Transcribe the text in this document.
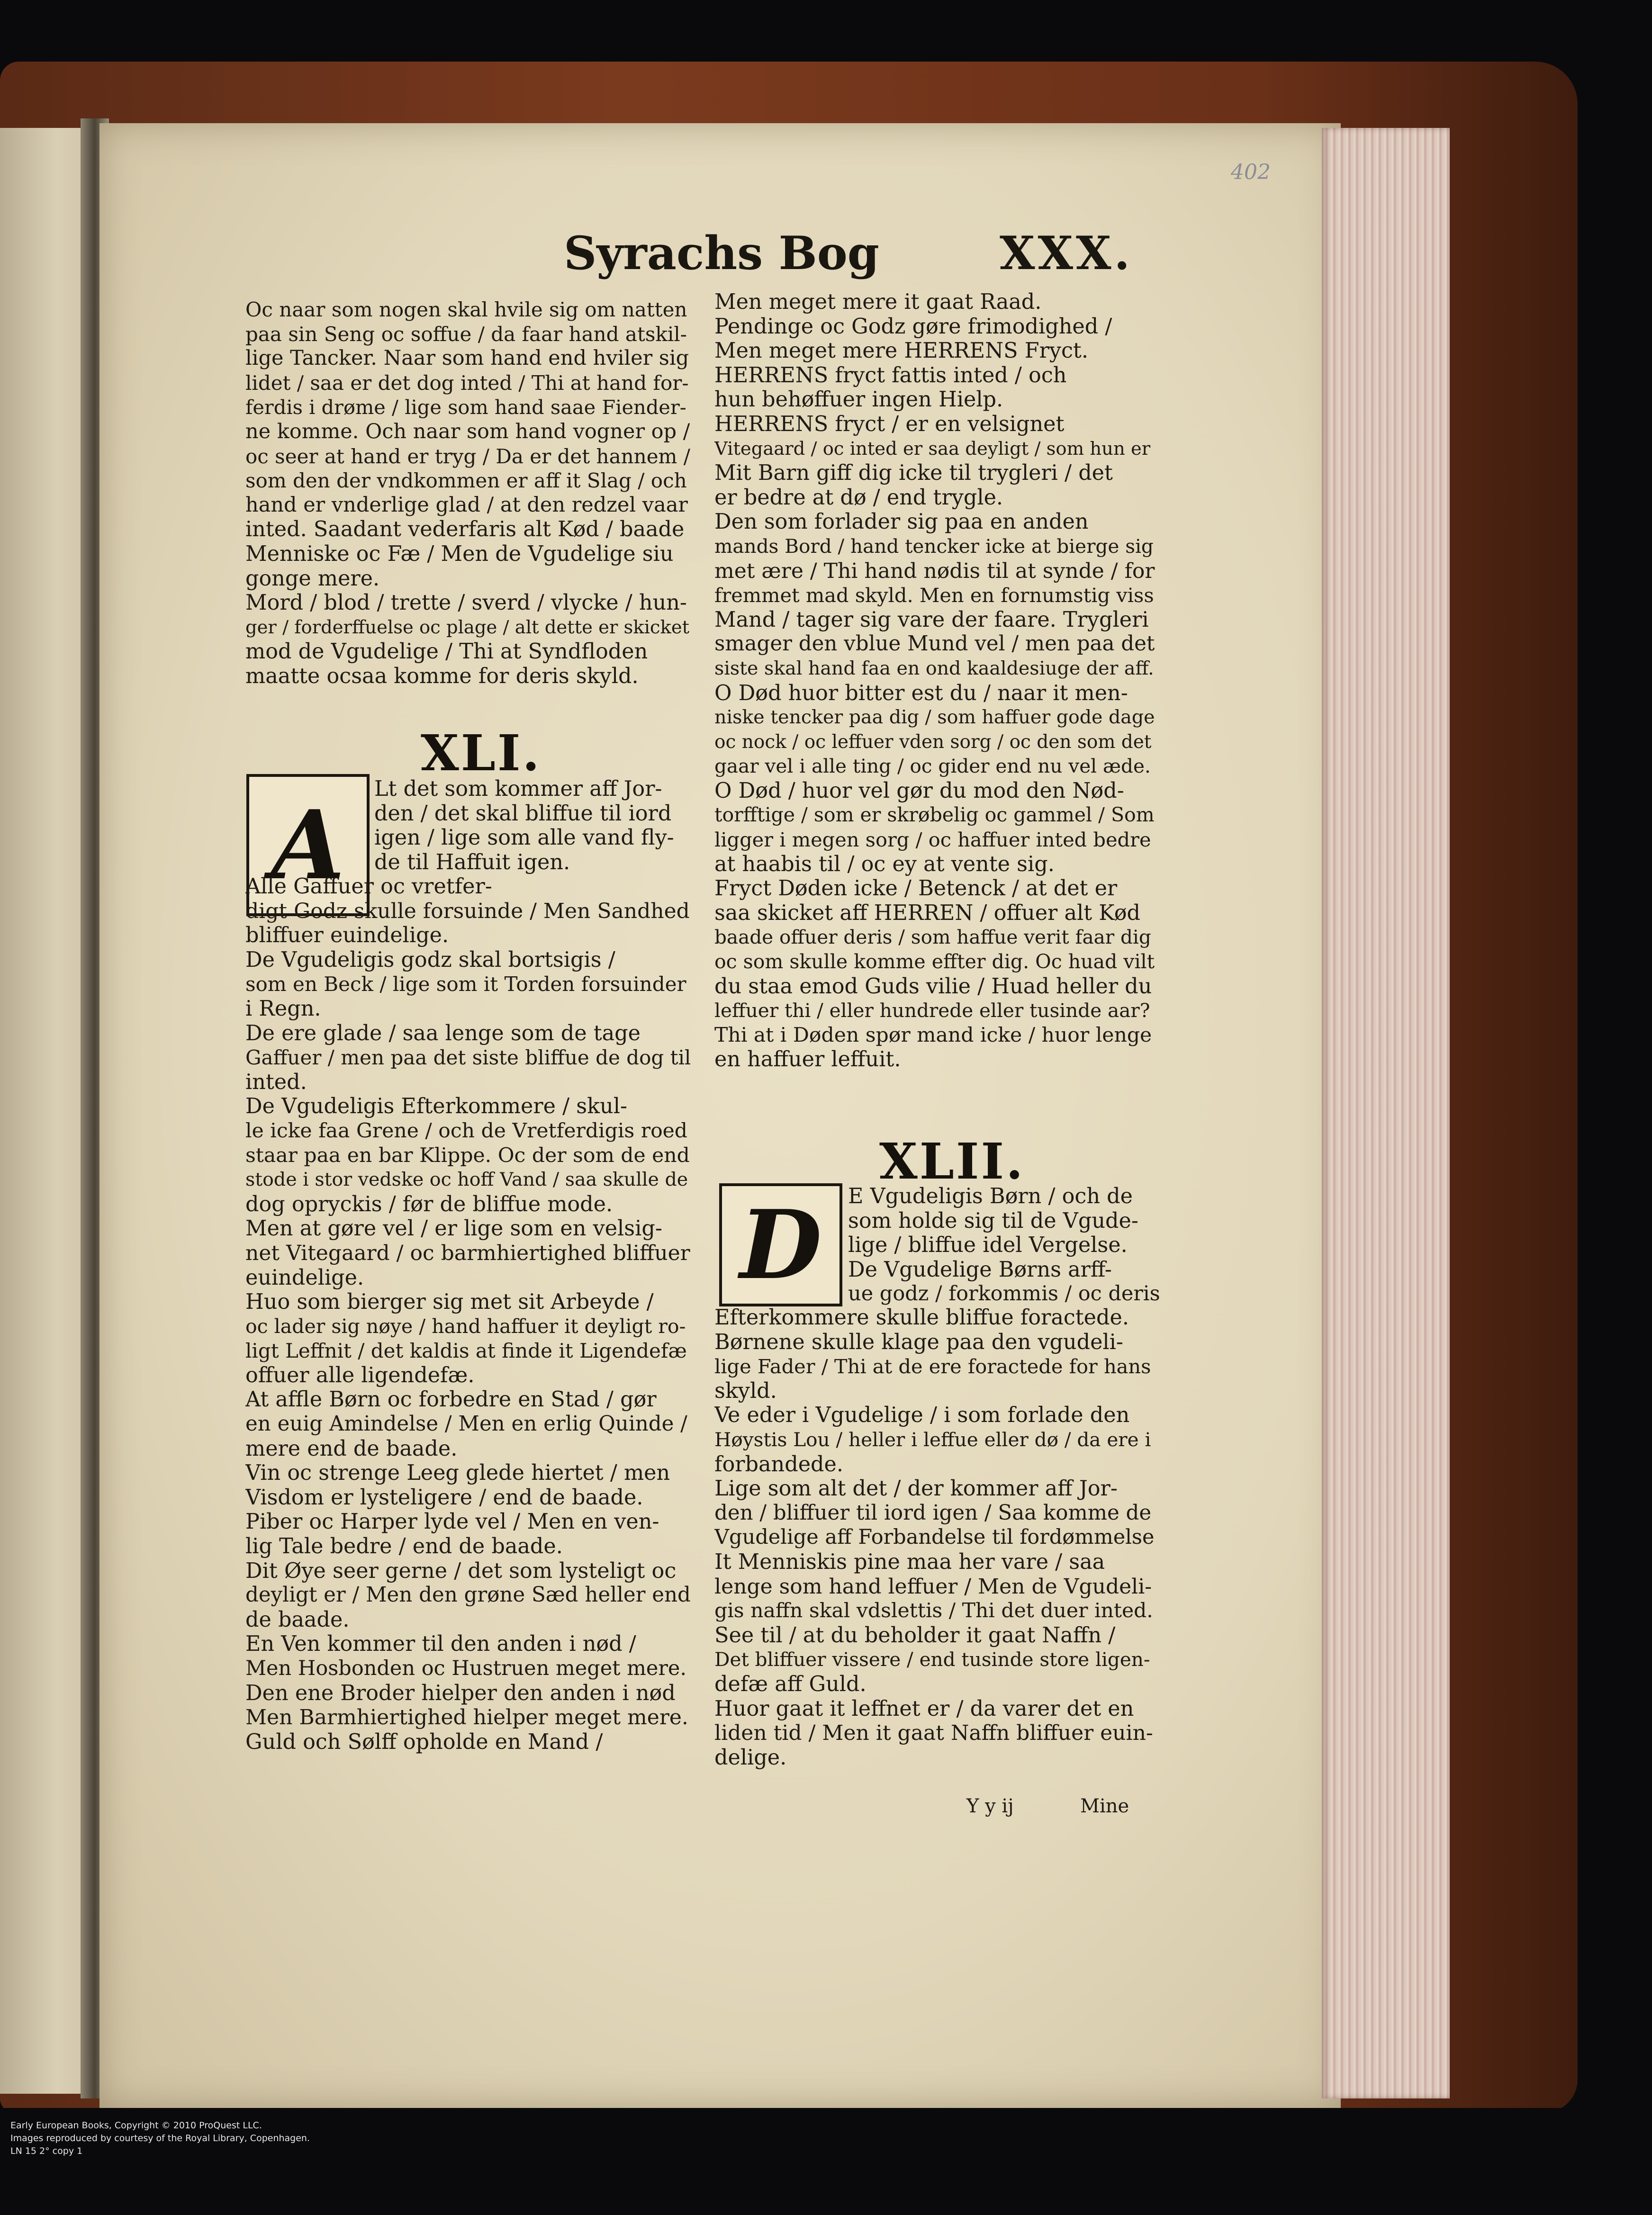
402
Syrachs Bog	XXX.
Oc naar som nogen skal hvile sig om natten
paa sin Seng oc soffue / da faar hand atskil-
lige Tancker. Naar som hand end hviler sig
lidet / saa er det dog inted / Thi at hand for-
ferdis i drøme / lige som hand saae Fiender-
ne komme. Och naar som hand vogner op /
oc seer at hand er tryg / Da er det hannem /
som den der vndkommen er aff it Slag / och
hand er vnderlige glad / at den redzel vaar
inted. Saadant vederfaris alt Kød / baade
Menniske oc Fæ / Men de Vgudelige siu
gonge mere.
Mord / blod / trette / sverd / vlycke / hun-
ger / forderffuelse oc plage / alt dette er skicket
mod de Vgudelige / Thi at Syndfloden
maatte ocsaa komme for deris skyld.
XLI.
A
Lt det som kommer aff Jor-
den / det skal bliffue til iord
igen / lige som alle vand fly-
de til Haffuit igen.
Alle Gaffuer oc vretfer-
digt Godz skulle forsuinde / Men Sandhed
bliffuer euindelige.
De Vgudeligis godz skal bortsigis /
som en Beck / lige som it Torden forsuinder
i Regn.
De ere glade / saa lenge som de tage
Gaffuer / men paa det siste bliffue de dog til
inted.
De Vgudeligis Efterkommere / skul-
le icke faa Grene / och de Vretferdigis roed
staar paa en bar Klippe. Oc der som de end
stode i stor vedske oc hoff Vand / saa skulle de
dog opryckis / før de bliffue mode.
Men at gøre vel / er lige som en velsig-
net Vitegaard / oc barmhiertighed bliffuer
euindelige.
Huo som bierger sig met sit Arbeyde /
oc lader sig nøye / hand haffuer it deyligt ro-
ligt Leffnit / det kaldis at finde it Ligendefæ
offuer alle ligendefæ.
At affle Børn oc forbedre en Stad / gør
en euig Amindelse / Men en erlig Quinde /
mere end de baade.
Vin oc strenge Leeg glede hiertet / men
Visdom er lysteligere / end de baade.
Piber oc Harper lyde vel / Men en ven-
lig Tale bedre / end de baade.
Dit Øye seer gerne / det som lysteligt oc
deyligt er / Men den grøne Sæd heller end
de baade.
En Ven kommer til den anden i nød /
Men Hosbonden oc Hustruen meget mere.
Den ene Broder hielper den anden i nød
Men Barmhiertighed hielper meget mere.
Guld och Sølff opholde en Mand /
Men meget mere it gaat Raad.
Pendinge oc Godz gøre frimodighed /
Men meget mere HERRENS Fryct.
HERRENS fryct fattis inted / och
hun behøffuer ingen Hielp.
HERRENS fryct / er en velsignet
Vitegaard / oc inted er saa deyligt / som hun er
Mit Barn giff dig icke til trygleri / det
er bedre at dø / end trygle.
Den som forlader sig paa en anden
mands Bord / hand tencker icke at bierge sig
met ære / Thi hand nødis til at synde / for
fremmet mad skyld. Men en fornumstig viss
Mand / tager sig vare der faare. Trygleri
smager den vblue Mund vel / men paa det
siste skal hand faa en ond kaaldesiuge der aff.
O Død huor bitter est du / naar it men-
niske tencker paa dig / som haffuer gode dage
oc nock / oc leffuer vden sorg / oc den som det
gaar vel i alle ting / oc gider end nu vel æde.
O Død / huor vel gør du mod den Nød-
torfftige / som er skrøbelig oc gammel / Som
ligger i megen sorg / oc haffuer inted bedre
at haabis til / oc ey at vente sig.
Fryct Døden icke / Betenck / at det er
saa skicket aff HERREN / offuer alt Kød
baade offuer deris / som haffue verit faar dig
oc som skulle komme effter dig. Oc huad vilt
du staa emod Guds vilie / Huad heller du
leffuer thi / eller hundrede eller tusinde aar?
Thi at i Døden spør mand icke / huor lenge
en haffuer leffuit.
XLII.
D	E Vgudeligis Børn / och de
som holde sig til de Vgude-
lige / bliffue idel Vergelse.
De Vgudelige Børns arff-
ue godz / forkommis / oc deris
Efterkommere skulle bliffue foractede.
Børnene skulle klage paa den vgudeli-
lige Fader / Thi at de ere foractede for hans
skyld.
Ve eder i Vgudelige / i som forlade den
Høystis Lou / heller i leffue eller dø / da ere i
forbandede.
Lige som alt det / der kommer aff Jor-
den / bliffuer til iord igen / Saa komme de
Vgudelige aff Forbandelse til fordømmelse
It Menniskis pine maa her vare / saa
lenge som hand leffuer / Men de Vgudeli-
gis naffn skal vdslettis / Thi det duer inted.
See til / at du beholder it gaat Naffn /
Det bliffuer vissere / end tusinde store ligen-
defæ aff Guld.
Huor gaat it leffnet er / da varer det en
liden tid / Men it gaat Naffn bliffuer euin-
delige.
Y y ij	Mine
Early European Books, Copyright © 2010 ProQuest LLC.
Images reproduced by courtesy of the Royal Library, Copenhagen.
LN 15 2° copy 1
